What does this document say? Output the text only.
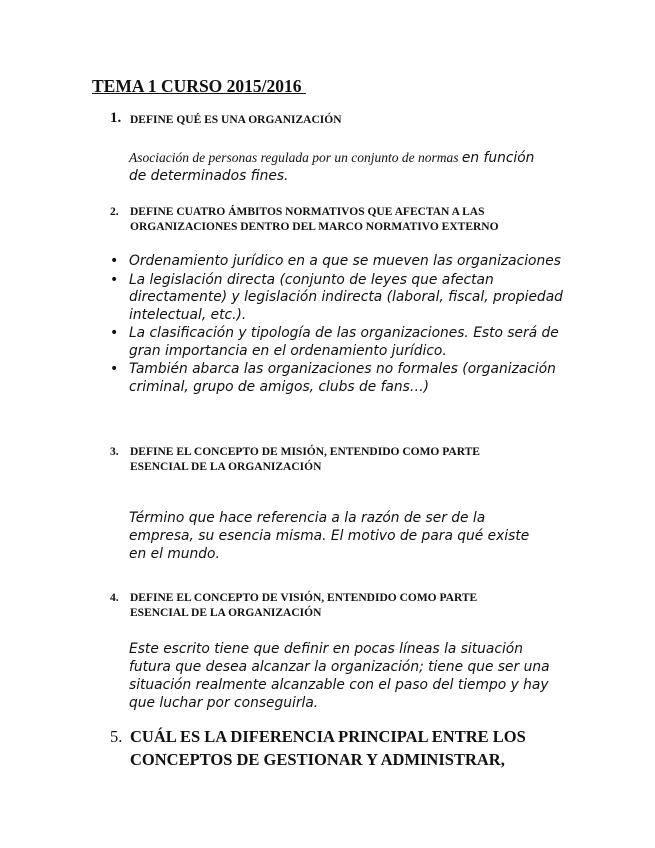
TEMA 1 CURSO 2015/2016
1. DEFINE QUÉ ES UNA ORGANIZACIÓN

Asociación de personas regulada por un conjunto de normas en función de determinados fines.

2. DEFINE CUATRO ÁMBITOS NORMATIVOS QUE AFECTAN A LAS ORGANIZACIONES DENTRO DEL MARCO NORMATIVO EXTERNO
• Ordenamiento jurídico en a que se mueven las organizaciones
• La legislación directa (conjunto de leyes que afectan directamente) y legislación indirecta (laboral, fiscal, propiedad intelectual, etc.).
• La clasificación y tipología de las organizaciones. Esto será de gran importancia en el ordenamiento jurídico.
• También abarca las organizaciones no formales (organización criminal, grupo de amigos, clubs de fans…)
3. DEFINE EL CONCEPTO DE MISIÓN, ENTENDIDO COMO PARTE ESENCIAL DE LA ORGANIZACIÓN

Término que hace referencia a la razón de ser de la empresa, su esencia misma. El motivo de para qué existe en el mundo.

4. DEFINE EL CONCEPTO DE VISIÓN, ENTENDIDO COMO PARTE ESENCIAL DE LA ORGANIZACIÓN

Este escrito tiene que definir en pocas líneas la situación futura que desea alcanzar la organización; tiene que ser una situación realmente alcanzable con el paso del tiempo y hay que luchar por conseguirla.

5. CUÁL ES LA DIFERENCIA PRINCIPAL ENTRE LOS CONCEPTOS DE GESTIONAR Y ADMINISTRAR,
